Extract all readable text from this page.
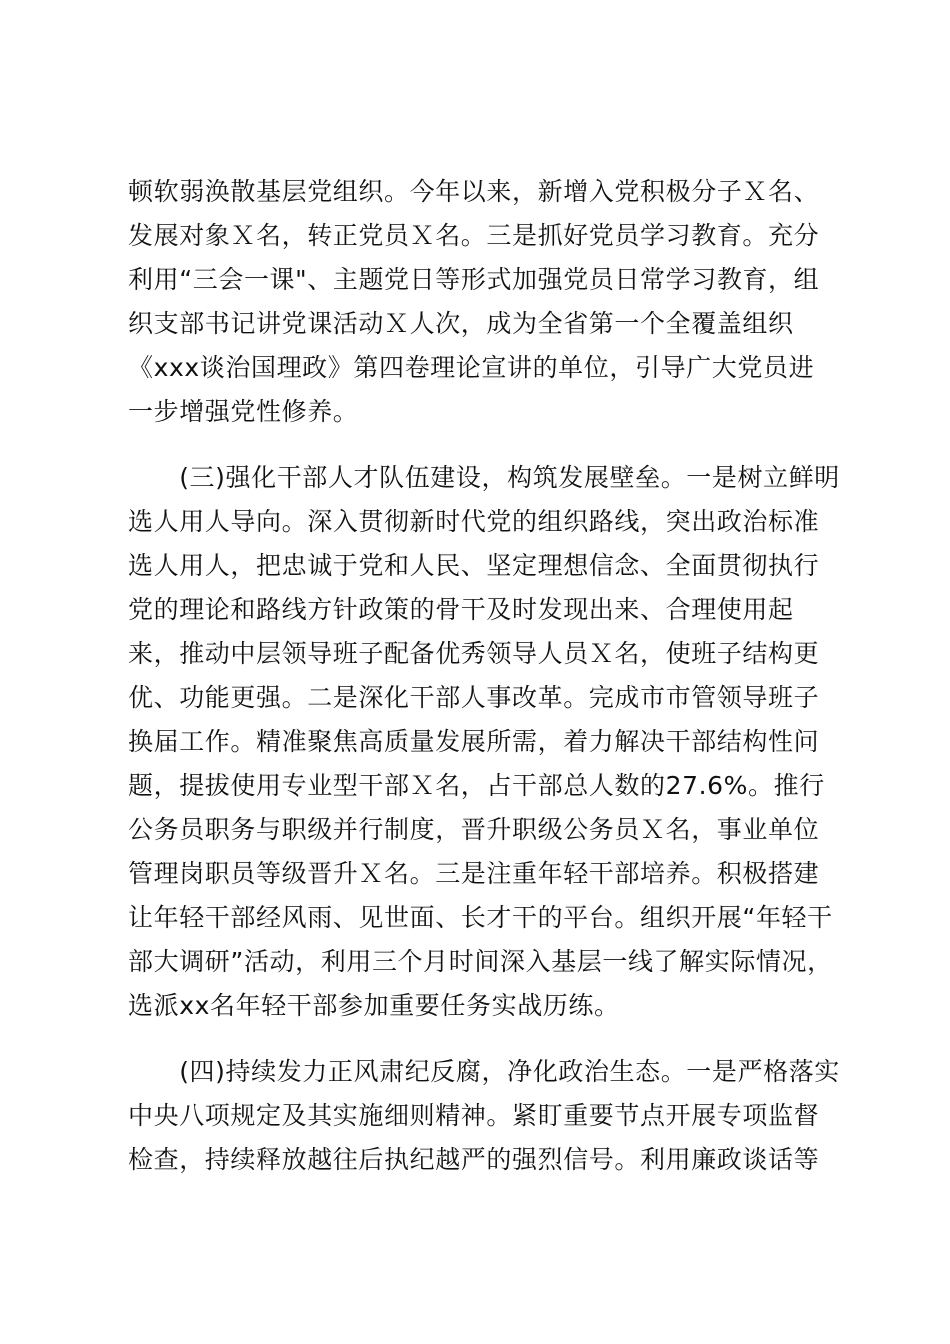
顿软弱涣散基层党组织。今年以来，新增入党积极分子Ｘ名、
发展对象Ｘ名，转正党员Ｘ名。三是抓好党员学习教育。充分
利用“三会一课"、主题党日等形式加强党员日常学习教育，组
织支部书记讲党课活动Ｘ人次，成为全省第一个全覆盖组织
《xxx谈治国理政》第四卷理论宣讲的单位，引导广大党员进
一步增强党性修养。
　　(三)强化干部人才队伍建设，构筑发展壁垒。一是树立鲜明
选人用人导向。深入贯彻新时代党的组织路线，突出政治标准
选人用人，把忠诚于党和人民、坚定理想信念、全面贯彻执行
党的理论和路线方针政策的骨干及时发现出来、合理使用起
来，推动中层领导班子配备优秀领导人员Ｘ名，使班子结构更
优、功能更强。二是深化干部人事改革。完成市市管领导班子
换届工作。精准聚焦高质量发展所需，着力解决干部结构性问
题，提拔使用专业型干部Ｘ名，占干部总人数的27.6%。推行
公务员职务与职级并行制度，晋升职级公务员Ｘ名，事业单位
管理岗职员等级晋升Ｘ名。三是注重年轻干部培养。积极搭建
让年轻干部经风雨、见世面、长才干的平台。组织开展“年轻干
部大调研”活动，利用三个月时间深入基层一线了解实际情况，
选派xx名年轻干部参加重要任务实战历练。
　　(四)持续发力正风肃纪反腐，净化政治生态。一是严格落实
中央八项规定及其实施细则精神。紧盯重要节点开展专项监督
检查，持续释放越往后执纪越严的强烈信号。利用廉政谈话等
